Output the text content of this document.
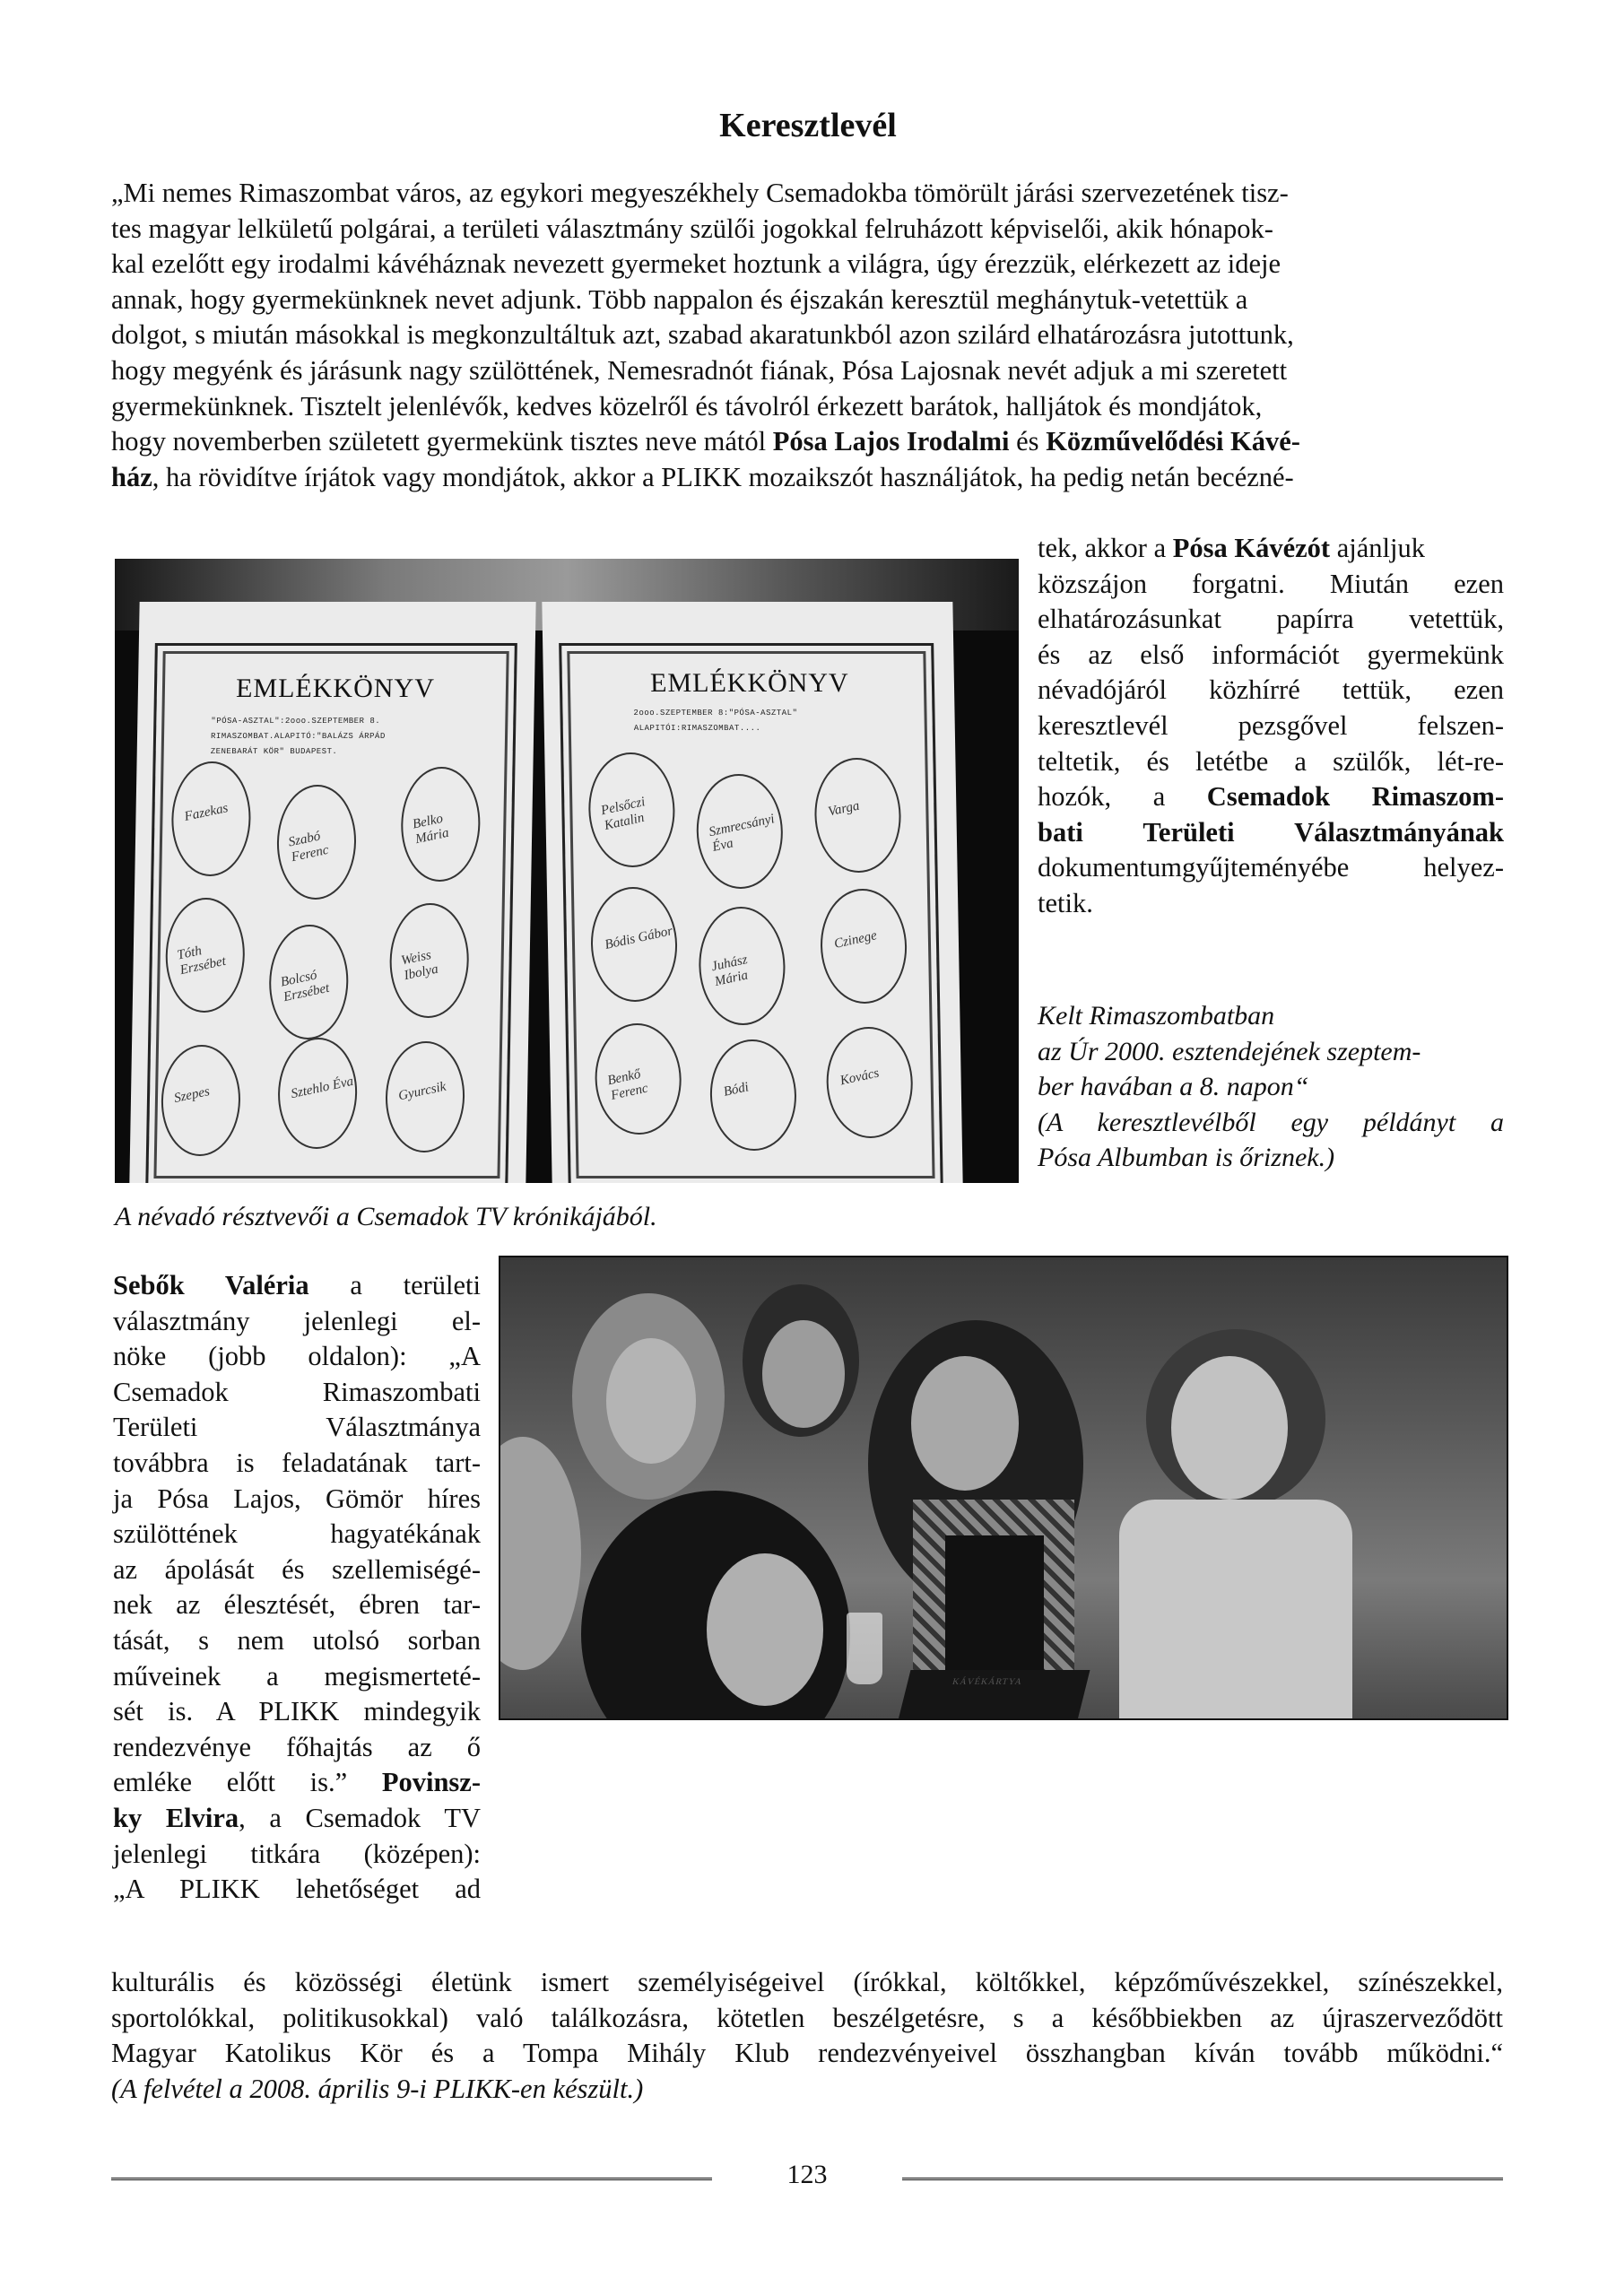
Keresztlevél
„Mi nemes Rimaszombat város, az egykori megyeszékhely Csemadokba tömörült járási szervezetének tisz-
tes magyar lelkületű polgárai, a területi választmány szülői jogokkal felruházott képviselői, akik hónapok-
kal ezelőtt egy irodalmi kávéháznak nevezett gyermeket hoztunk a világra, úgy érezzük, elérkezett az ideje
annak, hogy gyermekünknek nevet adjunk. Több nappalon és éjszakán keresztül meghánytuk-vetettük a
dolgot, s miután másokkal is megkonzultáltuk azt, szabad akaratunkból azon szilárd elhatározásra jutottunk,
hogy megyénk és járásunk nagy szülöttének, Nemesradnót fiának, Pósa Lajosnak nevét adjuk a mi szeretett
gyermekünknek. Tisztelt jelenlévők, kedves közelről és távolról érkezett barátok, halljátok és mondjátok,
hogy novemberben született gyermekünk tisztes neve mától Pósa Lajos Irodalmi és Közművelődési Kávé-
ház, ha rövidítve írjátok vagy mondjátok, akkor a PLIKK mozaikszót használjátok, ha pedig netán becézné-
tek, akkor a Pósa Kávézót ajánljuk
közszájon forgatni. Miután ezen
elhatározásunkat papírra vetettük,
és az első információt gyermekünk
névadójáról közhírré tettük, ezen
keresztlevél pezsgővel felszen-
teltetik, és letétbe a szülők, lét-re-
hozók, a Csemadok Rimaszom-
bati Területi Választmányának
dokumentumgyűjteményébe helyez-
tetik.
Kelt Rimaszombatban
az Úr 2000. esztendejének szeptem-
ber havában a 8. napon“
(A keresztlevélből egy példányt a
Pósa Albumban is őriznek.)
EMLÉKKÖNYV
"PÓSA-ASZTAL":2ooo.SZEPTEMBER 8.
RIMASZOMBAT.ALAPITÓ:"BALÁZS ÁRPÁD
ZENEBARÁT KÖR" BUDAPEST.
Fazekas
Szabó Ferenc
Belko Mária
Tóth Erzsébet
Bolcsó Erzsébet
Weiss Ibolya
Szepes	Sztehlo Éva	Gyurcsik
EMLÉKKÖNYV
2ooo.SZEPTEMBER 8:"PÓSA-ASZTAL"
ALAPITÓI:RIMASZOMBAT....
Pelsőczi Katalin	Szmrecsányi Éva
Varga
Bódis Gábor
Juhász Mária
Czinege
Benkő Ferenc	Bódi
Kovács
A névadó résztvevői a Csemadok TV krónikájából.
Sebők Valéria a területi
választmány jelenlegi el-
nöke (jobb oldalon): „A
Csemadok Rimaszombati
Területi Választmánya
továbbra is feladatának tart-
ja Pósa Lajos, Gömör híres
szülöttének hagyatékának
az ápolását és szellemiségé-
nek az élesztését, ébren tar-
tását, s nem utolsó sorban
műveinek a megismerteté-
sét is. A PLIKK mindegyik
rendezvénye főhajtás az ő
emléke előtt is.” Povinsz-
ky Elvira, a Csemadok TV
jelenlegi titkára (középen):
„A PLIKK lehetőséget ad
KÁVÉKÁRTYA
kulturális és közösségi életünk ismert személyiségeivel (írókkal, költőkkel, képzőművészekkel, színészekkel,
sportolókkal, politikusokkal) való találkozásra, kötetlen beszélgetésre, s a későbbiekben az újraszerveződött
Magyar Katolikus Kör és a Tompa Mihály Klub rendezvényeivel összhangban kíván tovább működni.“
(A felvétel a 2008. április 9-i PLIKK-en készült.)
123
